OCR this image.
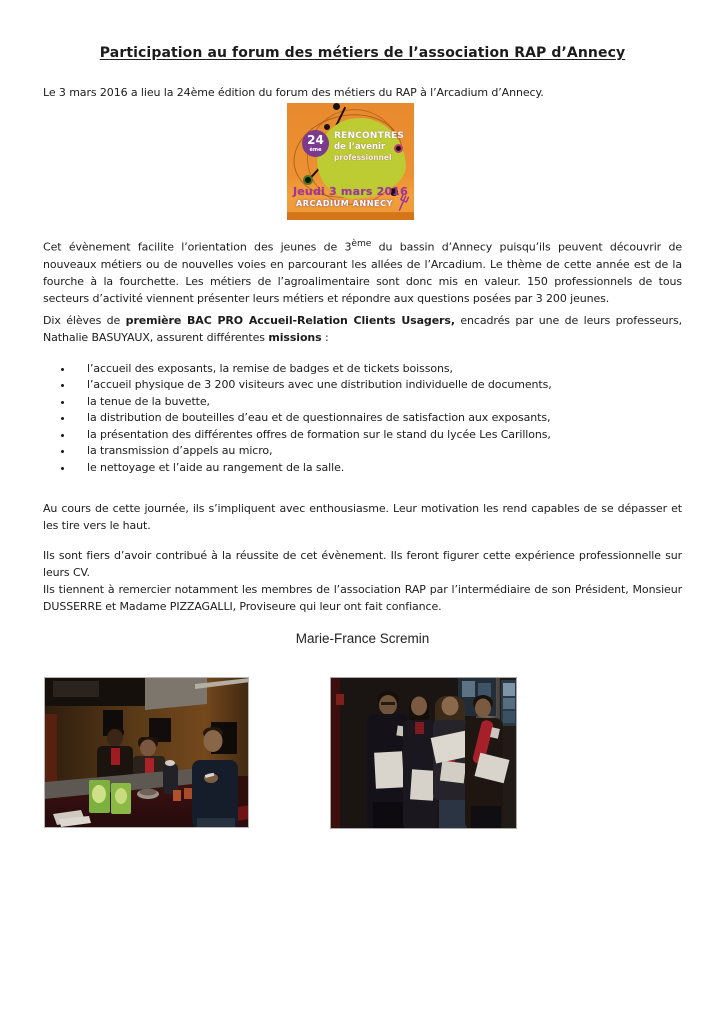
Participation au forum des métiers de l’association RAP d’Annecy

Le 3 mars 2016 a lieu la 24ème édition du forum des métiers du RAP à l’Arcadium d’Annecy.

RENCONTRES
de l’avenir
professionnel
24
ème
Jeudi 3 mars 2016
ARCADIUM ANNECY

Cet évènement facilite l’orientation des jeunes de 3ème du bassin d’Annecy puisqu’ils peuvent découvrir de nouveaux métiers ou de nouvelles voies en parcourant les allées de l’Arcadium. Le thème de cette année est de la fourche à la fourchette. Les métiers de l’agroalimentaire sont donc mis en valeur. 150 professionnels de tous secteurs d’activité viennent présenter leurs métiers et répondre aux questions posées par 3 200 jeunes.

Dix élèves de première BAC PRO Accueil-Relation Clients Usagers, encadrés par une de leurs professeurs, Nathalie BASUYAUX, assurent différentes missions :

• l’accueil des exposants, la remise de badges et de tickets boissons,
• l’accueil physique de 3 200 visiteurs avec une distribution individuelle de documents,
• la tenue de la buvette,
• la distribution de bouteilles d’eau et de questionnaires de satisfaction aux exposants,
• la présentation des différentes offres de formation sur le stand du lycée Les Carillons,
• la transmission d’appels au micro,
• le nettoyage et l’aide au rangement de la salle.

Au cours de cette journée, ils s’impliquent avec enthousiasme. Leur motivation les rend capables de se dépasser et les tire vers le haut.

Ils sont fiers d’avoir contribué à la réussite de cet évènement. Ils feront figurer cette expérience professionnelle sur leurs CV.

Ils tiennent à remercier notamment les membres de l’association RAP par l’intermédiaire de son Président, Monsieur DUSSERRE et Madame PIZZAGALLI, Proviseure qui leur ont fait confiance.

Marie-France Scremin
